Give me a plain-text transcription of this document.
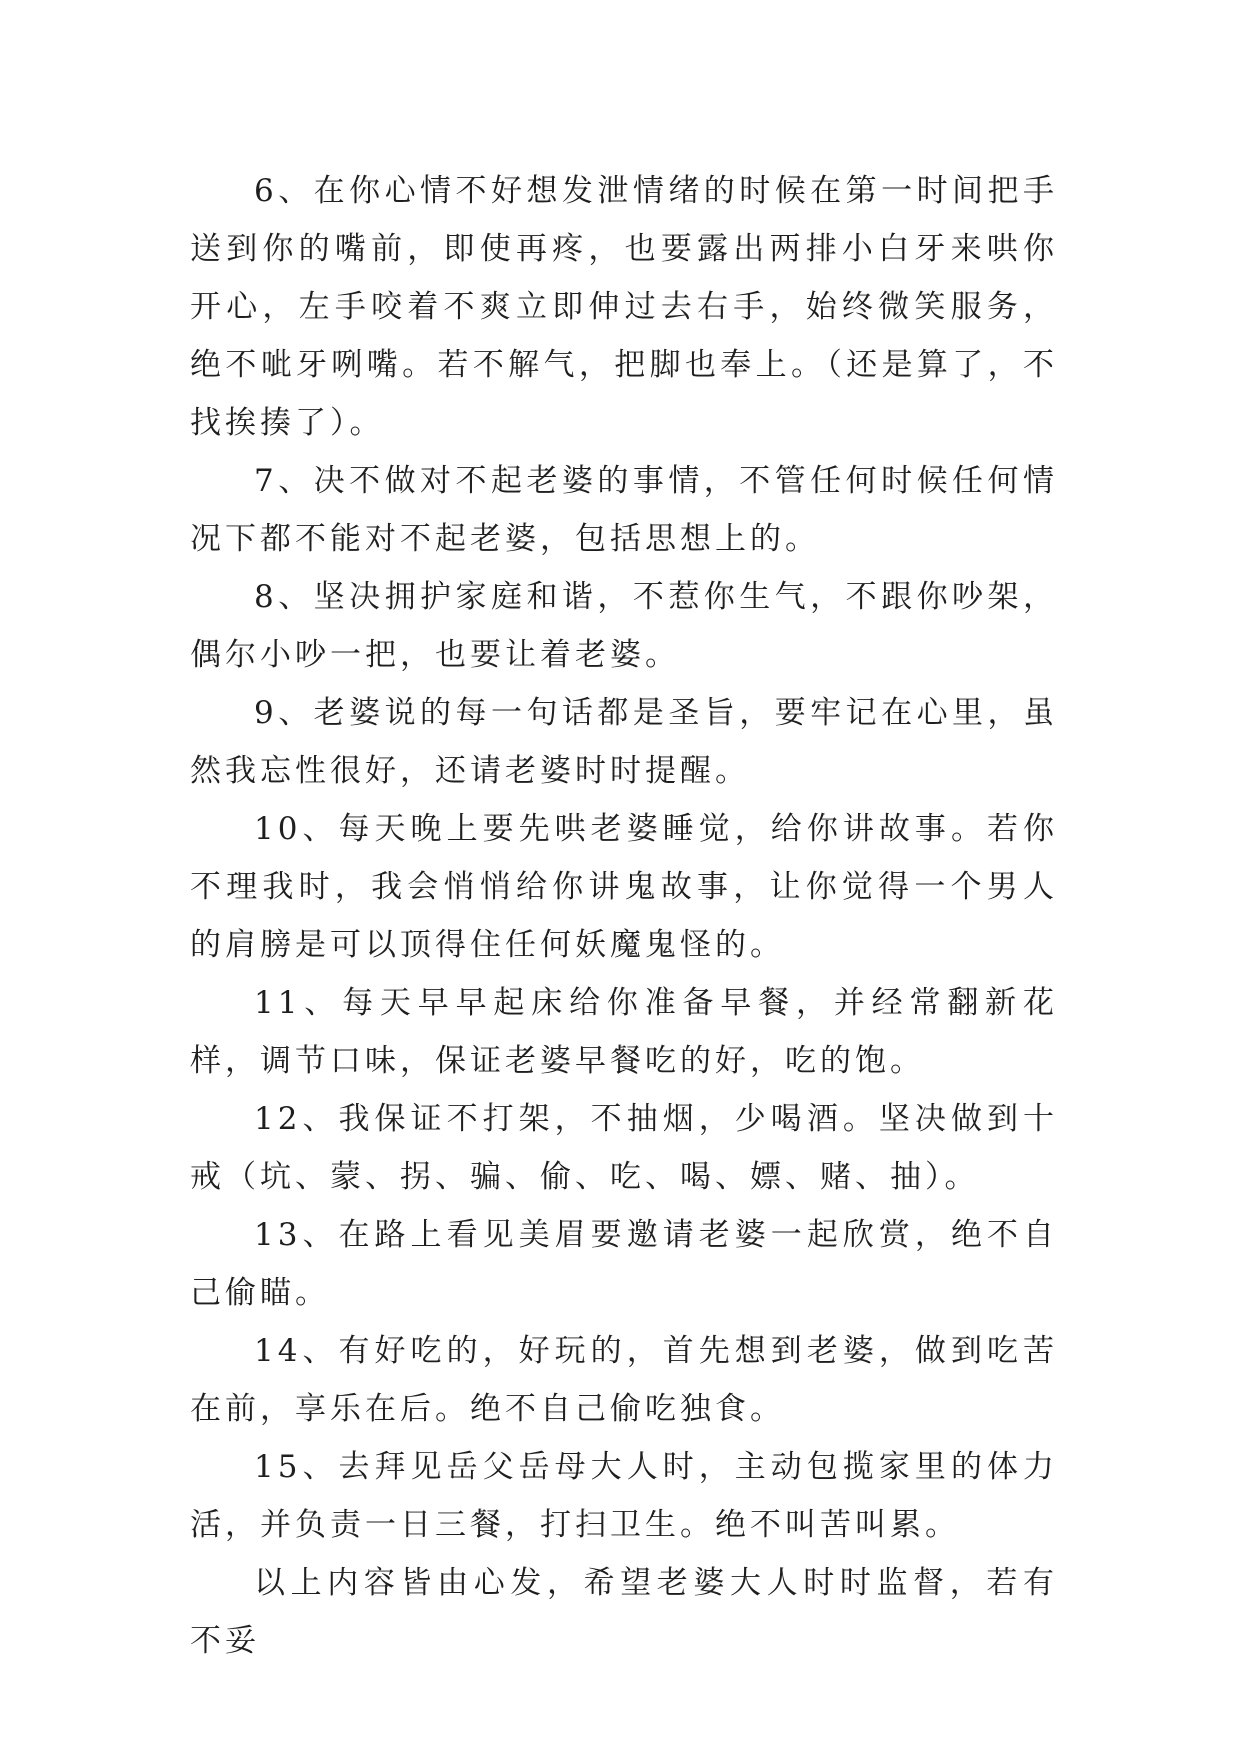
6、在你心情不好想发泄情绪的时候在第一时间把手送到你的嘴前，即使再疼，也要露出两排小白牙来哄你开心，左手咬着不爽立即伸过去右手，始终微笑服务，绝不呲牙咧嘴。若不解气，把脚也奉上。（还是算了，不找挨揍了）。

7、决不做对不起老婆的事情，不管任何时候任何情况下都不能对不起老婆，包括思想上的。

8、坚决拥护家庭和谐，不惹你生气，不跟你吵架，偶尔小吵一把，也要让着老婆。

9、老婆说的每一句话都是圣旨，要牢记在心里，虽然我忘性很好，还请老婆时时提醒。

10、每天晚上要先哄老婆睡觉，给你讲故事。若你不理我时，我会悄悄给你讲鬼故事，让你觉得一个男人的肩膀是可以顶得住任何妖魔鬼怪的。

11、每天早早起床给你准备早餐，并经常翻新花样，调节口味，保证老婆早餐吃的好，吃的饱。

12、我保证不打架，不抽烟，少喝酒。坚决做到十戒（坑、蒙、拐、骗、偷、吃、喝、嫖、赌、抽）。

13、在路上看见美眉要邀请老婆一起欣赏，绝不自己偷瞄。

14、有好吃的，好玩的，首先想到老婆，做到吃苦在前，享乐在后。绝不自己偷吃独食。

15、去拜见岳父岳母大人时，主动包揽家里的体力活，并负责一日三餐，打扫卫生。绝不叫苦叫累。

以上内容皆由心发，希望老婆大人时时监督，若有不妥
